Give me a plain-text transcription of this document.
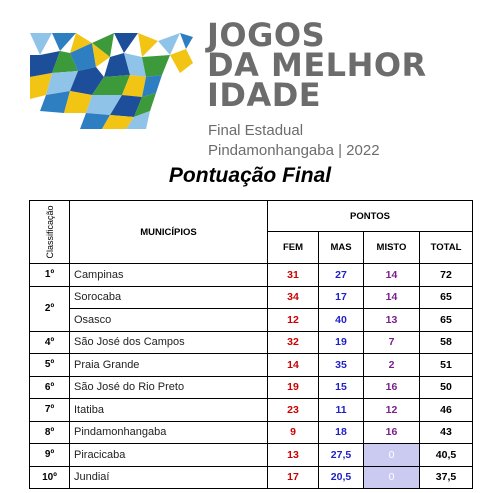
JOGOS
DA MELHOR
IDADE
Final Estadual
Pindamonhangaba | 2022
Pontuação Final
Classificação	MUNICÍPIOS	PONTOS			
		FEM	MAS	MISTO	TOTAL
1º	Campinas	31	27	14	72
2º	Sorocaba	34	17	14	65
	Osasco	12	40	13	65
4º	São José dos Campos	32	19	7	58
5º	Praia Grande	14	35	2	51
6º	São José do Rio Preto	19	15	16	50
7º	Itatiba	23	11	12	46
8º	Pindamonhangaba	9	18	16	43
9º	Piracicaba	13	27,5	0	40,5
10º	Jundiaí	17	20,5	0	37,5
